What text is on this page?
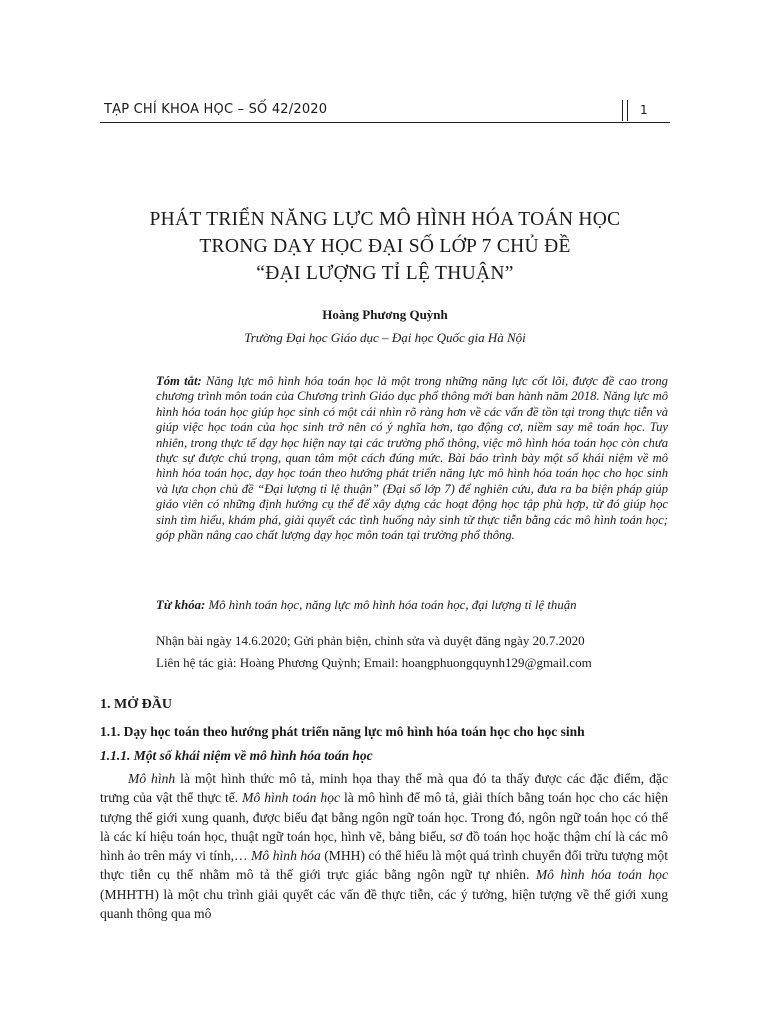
TẠP CHÍ KHOA HỌC – SỐ 42/2020	1
PHÁT TRIỂN NĂNG LỰC MÔ HÌNH HÓA TOÁN HỌC
TRONG DẠY HỌC ĐẠI SỐ LỚP 7 CHỦ ĐỀ
“ĐẠI LƯỢNG TỈ LỆ THUẬN”
Hoàng Phương Quỳnh
Trường Đại học Giáo dục – Đại học Quốc gia Hà Nội

Tóm tắt: Năng lực mô hình hóa toán học là một trong những năng lực cốt lõi, được đề cao trong chương trình môn toán của Chương trình Giáo dục phổ thông mới ban hành năm 2018. Năng lực mô hình hóa toán học giúp học sinh có một cái nhìn rõ ràng hơn về các vấn đề tồn tại trong thực tiễn và giúp việc học toán của học sinh trở nên có ý nghĩa hơn, tạo động cơ, niềm say mê toán học. Tuy nhiên, trong thực tế dạy học hiện nay tại các trường phổ thông, việc mô hình hóa toán học còn chưa thực sự được chú trọng, quan tâm một cách đúng mức. Bài báo trình bày một số khái niệm về mô hình hóa toán học, dạy học toán theo hướng phát triển năng lực mô hình hóa toán học cho học sinh và lựa chọn chủ đề “Đại lượng tỉ lệ thuận” (Đại số lớp 7) để nghiên cứu, đưa ra ba biện pháp giúp giáo viên có những định hướng cụ thể để xây dựng các hoạt động học tập phù hợp, từ đó giúp học sinh tìm hiểu, khám phá, giải quyết các tình huống nảy sinh từ thực tiễn bằng các mô hình toán học; góp phần nâng cao chất lượng dạy học môn toán tại trường phổ thông.

Từ khóa: Mô hình toán học, năng lực mô hình hóa toán học, đại lượng tỉ lệ thuận

Nhận bài ngày 14.6.2020; Gửi phản biện, chỉnh sửa và duyệt đăng ngày 20.7.2020

Liên hệ tác giả: Hoàng Phương Quỳnh; Email: hoangphuongquynh129@gmail.com

1. MỞ ĐẦU
1.1. Dạy học toán theo hướng phát triển năng lực mô hình hóa toán học cho học sinh
1.1.1. Một số khái niệm về mô hình hóa toán học

Mô hình là một hình thức mô tả, minh họa thay thế mà qua đó ta thấy được các đặc điểm, đặc trưng của vật thể thực tế. Mô hình toán học là mô hình để mô tả, giải thích bằng toán học cho các hiện tượng thế giới xung quanh, được biểu đạt bằng ngôn ngữ toán học. Trong đó, ngôn ngữ toán học có thể là các kí hiệu toán học, thuật ngữ toán học, hình vẽ, bảng biểu, sơ đồ toán học hoặc thậm chí là các mô hình ảo trên máy vi tính,… Mô hình hóa (MHH) có thể hiểu là một quá trình chuyển đổi trừu tượng một thực tiễn cụ thể nhằm mô tả thế giới trực giác bằng ngôn ngữ tự nhiên. Mô hình hóa toán học (MHHTH) là một chu trình giải quyết các vấn đề thực tiễn, các ý tưởng, hiện tượng về thế giới xung quanh thông qua mô
